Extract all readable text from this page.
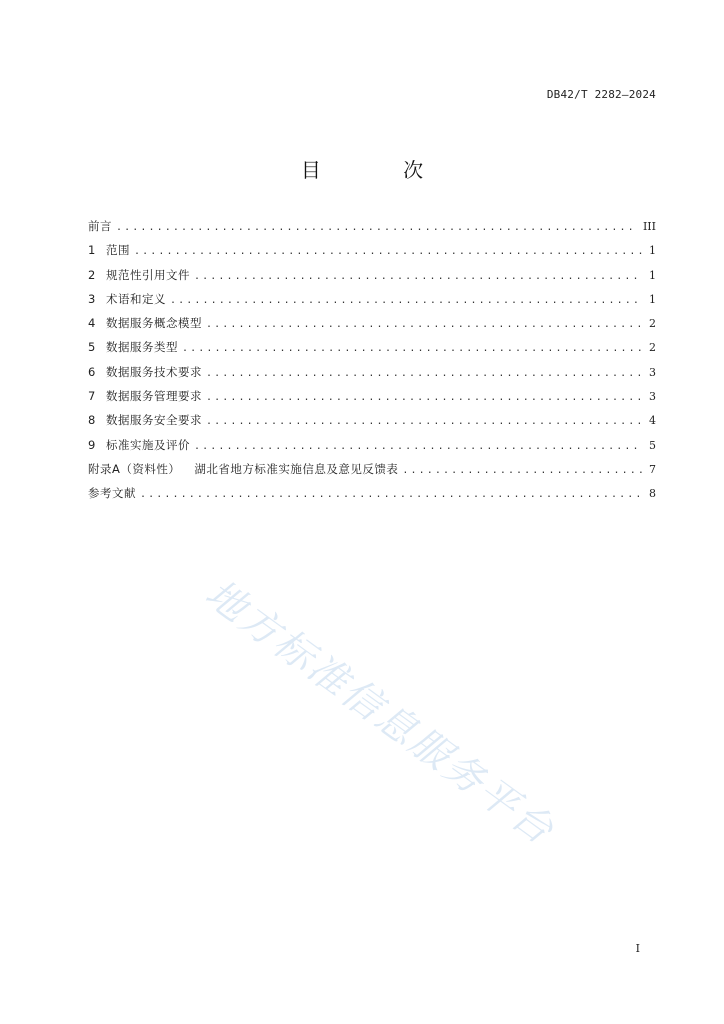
DB42/T 2282—2024
目 次
前言 .....	III
1 范围 .....	1
2 规范性引用文件 .....	1
3 术语和定义 .....	1
4 数据服务概念模型 .....	2
5 数据服务类型 .....	2
6 数据服务技术要求 .....	3
7 数据服务管理要求 .....	3
8 数据服务安全要求 .....	4
9 标准实施及评价 .....	5
附录A（资料性） 湖北省地方标准实施信息及意见反馈表 .....	7
参考文献 .....	8
地方标准信息服务平台
I
